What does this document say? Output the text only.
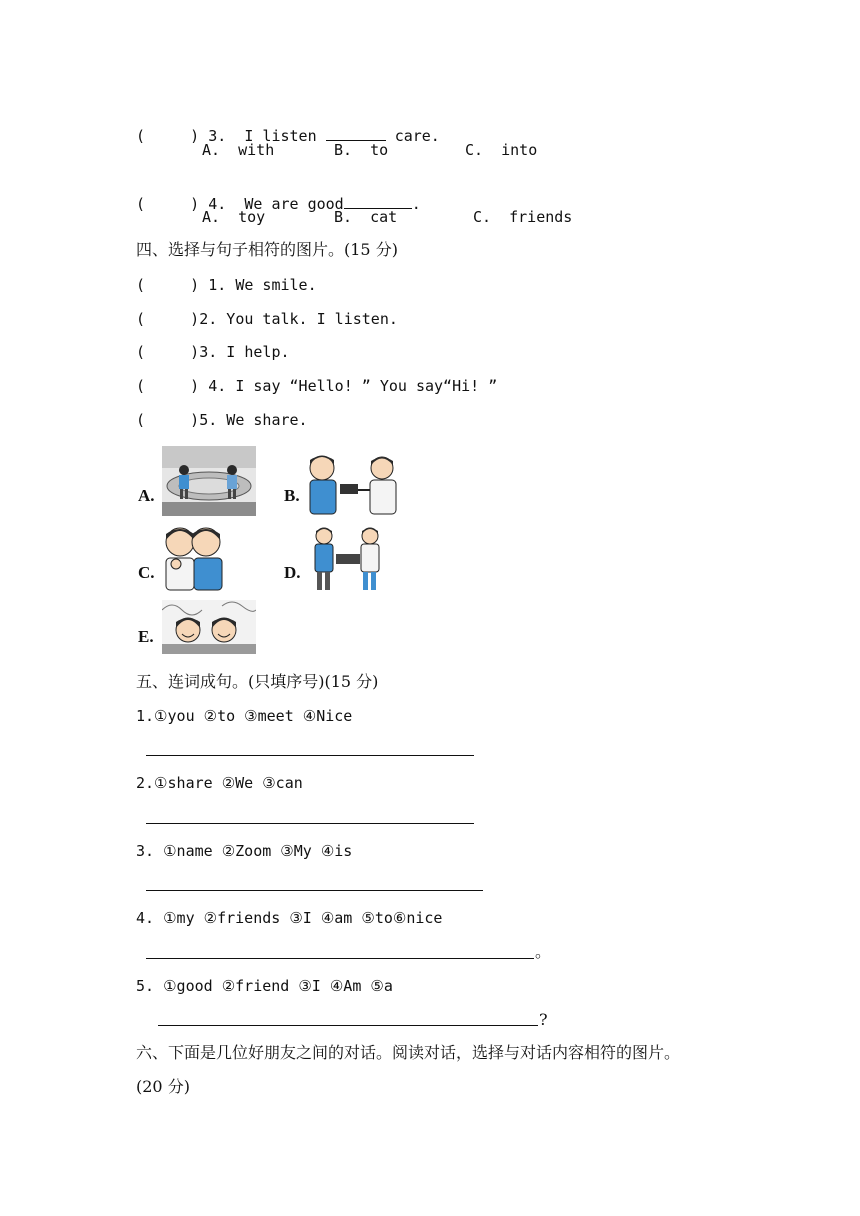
(     ) 3. I listen	care.

A.  with	B.  to	C.  into

(     ) 4. We are good	.

A.  toy	B.  cat	C.  friends
四、选择与句子相符的图片。(15 分)
(     ) 1. We smile.
(     )2. You talk. I listen.
(     )3. I help.
(     ) 4. I say “Hello! ” You say“Hi! ”
(     )5. We share.
A.	B.
C.	D.
E.
五、连词成句。(只填序号)(15 分)
1.①you ②to ③meet ④Nice
2.①share ②We ③can
3. ①name ②Zoom ③My ④is
4. ①my ②friends ③I ④am ⑤to⑥nice
。
5. ①good ②friend ③I ④Am ⑤a
?
六、下面是几位好朋友之间的对话。阅读对话，选择与对话内容相符的图片。
(20 分)
